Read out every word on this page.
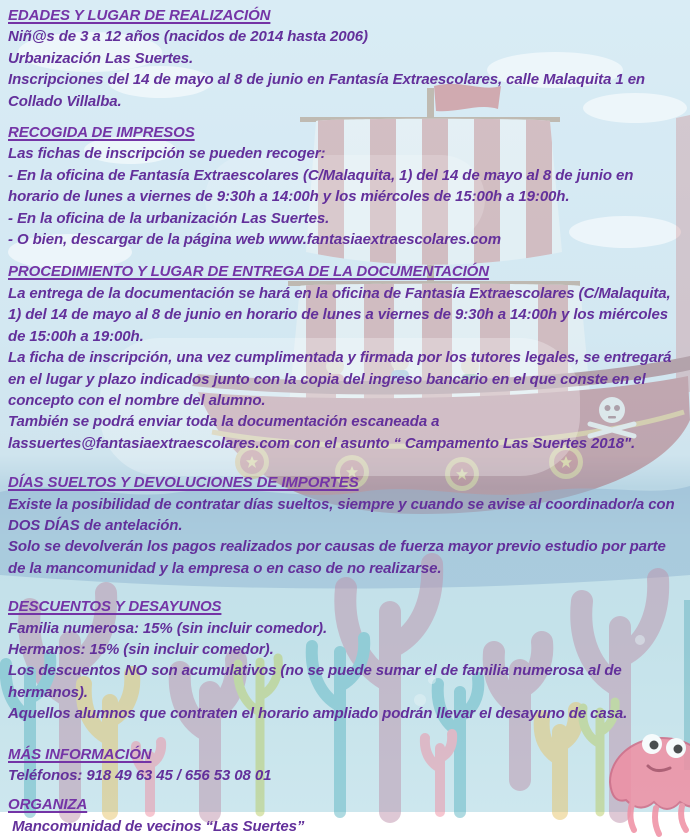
EDADES Y LUGAR DE REALIZACIÓN

Niñ@s de 3 a 12 años (nacidos de 2014 hasta 2006)

Urbanización Las Suertes.

Inscripciones del 14 de mayo al 8 de junio en Fantasía Extraescolares, calle Malaquita 1 en Collado Villalba.

RECOGIDA DE IMPRESOS

Las fichas de inscripción se pueden recoger:

- En la oficina de Fantasía Extraescolares (C/Malaquita, 1) del 14 de mayo al 8 de junio en horario de lunes a viernes de 9:30h a 14:00h y los miércoles de 15:00h a 19:00h.

- En la oficina de la urbanización Las Suertes.

- O bien, descargar de la página web www.fantasiaextraescolares.com

PROCEDIMIENTO Y LUGAR DE ENTREGA DE LA DOCUMENTACIÓN

La entrega de la documentación se hará en la oficina de Fantasía Extraescolares (C/Malaquita, 1) del 14 de mayo al 8 de junio en horario de lunes a viernes de 9:30h a 14:00h y los miércoles de 15:00h a 19:00h.

La ficha de inscripción, una vez cumplimentada y firmada por los tutores legales, se entregará en el lugar y plazo indicados junto con la copia del ingreso bancario en el que conste en el concepto con el nombre del alumno.

También se podrá enviar toda la documentación escaneada a

lassuertes@fantasiaextraescolares.com con el asunto “ Campamento Las Suertes 2018".

DÍAS SUELTOS Y DEVOLUCIONES DE IMPORTES

Existe la posibilidad de contratar días sueltos, siempre y cuando se avise al coordinador/a con DOS DÍAS de antelación.

Solo se devolverán los pagos realizados por causas de fuerza mayor previo estudio por parte de la mancomunidad y la empresa o en caso de no realizarse.

DESCUENTOS Y DESAYUNOS

Familia numerosa: 15% (sin incluir comedor).

Hermanos: 15% (sin incluir comedor).

Los descuentos NO son acumulativos (no se puede sumar el de familia numerosa al de hermanos).

Aquellos alumnos que contraten el horario ampliado podrán llevar el desayuno de casa.

MÁS INFORMACIÓN

Teléfonos: 918 49 63 45 / 656 53 08 01

ORGANIZA

Mancomunidad de vecinos “Las Suertes”
